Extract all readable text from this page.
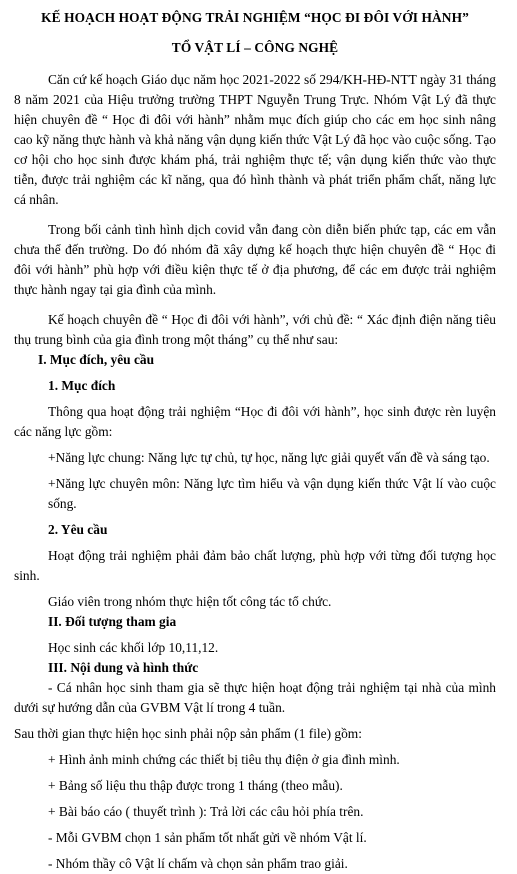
KẾ HOẠCH HOẠT ĐỘNG TRẢI NGHIỆM “HỌC ĐI ĐÔI VỚI HÀNH”
TỔ VẬT LÍ – CÔNG NGHỆ

Căn cứ kế hoạch Giáo dục năm học 2021-2022 số 294/KH-HĐ-NTT ngày 31 tháng 8 năm 2021 của Hiệu trưởng trường THPT Nguyễn Trung Trực. Nhóm Vật Lý đã thực hiện chuyên đề “ Học đi đôi với hành” nhằm mục đích giúp cho các em học sinh nâng cao kỹ năng thực hành và khả năng vận dụng kiến thức Vật Lý đã học vào cuộc sống. Tạo cơ hội cho học sinh được khám phá, trải nghiệm thực tế; vận dụng kiến thức vào thực tiễn, được trải nghiệm các kĩ năng, qua đó hình thành và phát triển phẩm chất, năng lực cá nhân.

Trong bối cảnh tình hình dịch covid vẫn đang còn diễn biến phức tạp, các em vẫn chưa thể đến trường. Do đó nhóm đã xây dựng kế hoạch thực hiện chuyên đề “ Học đi đôi với hành” phù hợp với điều kiện thực tế ở địa phương, để các em được trải nghiệm thực hành ngay tại gia đình của mình.

Kế hoạch chuyên đề “ Học đi đôi với hành”, với chủ đề: “ Xác định điện năng tiêu thụ trung bình của gia đình trong một tháng” cụ thể như sau:

I. Mục đích, yêu cầu

1. Mục đích

Thông qua hoạt động trải nghiệm “Học đi đôi với hành”, học sinh được rèn luyện các năng lực gồm:

+Năng lực chung: Năng lực tự chủ, tự học, năng lực giải quyết vấn đề và sáng tạo.

+Năng lực chuyên môn: Năng lực tìm hiểu và vận dụng kiến thức Vật lí vào cuộc sống.

2. Yêu cầu

Hoạt động trải nghiệm phải đảm bảo chất lượng, phù hợp với từng đối tượng học sinh.

Giáo viên trong nhóm thực hiện tốt công tác tổ chức.

II. Đối tượng tham gia

Học sinh các khối lớp 10,11,12.

III. Nội dung và hình thức

- Cá nhân học sinh tham gia sẽ thực hiện hoạt động trải nghiệm tại nhà của mình dưới sự hướng dẫn của GVBM Vật lí trong 4 tuần.

Sau thời gian thực hiện học sinh phải nộp sản phẩm (1 file) gồm:

+ Hình ảnh minh chứng các thiết bị tiêu thụ điện ở gia đình mình.

+ Bảng số liệu thu thập được trong 1 tháng (theo mẫu).

+ Bài báo cáo ( thuyết trình ): Trả lời các câu hỏi phía trên.

- Mỗi GVBM chọn 1 sản phẩm tốt nhất gửi về nhóm Vật lí.

- Nhóm thầy cô Vật lí chấm và chọn sản phẩm trao giải.
